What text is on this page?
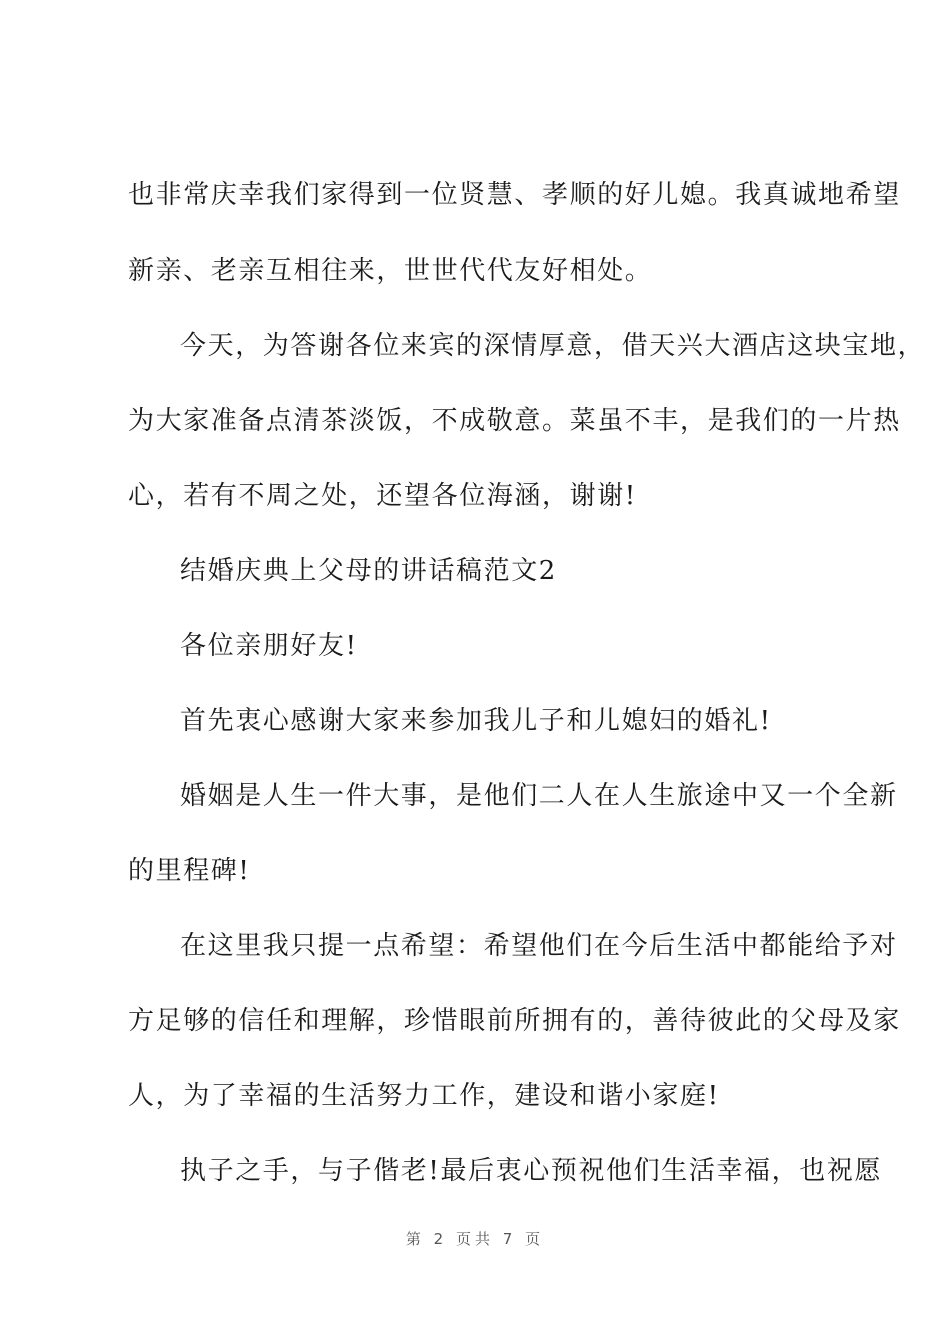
也非常庆幸我们家得到一位贤慧、孝顺的好儿媳。我真诚地希望
新亲、老亲互相往来，世世代代友好相处。
今天，为答谢各位来宾的深情厚意，借天兴大酒店这块宝地，
为大家准备点清茶淡饭，不成敬意。菜虽不丰，是我们的一片热
心，若有不周之处，还望各位海涵，谢谢!
结婚庆典上父母的讲话稿范文2
各位亲朋好友!
首先衷心感谢大家来参加我儿子和儿媳妇的婚礼!
婚姻是人生一件大事，是他们二人在人生旅途中又一个全新
的里程碑!
在这里我只提一点希望：希望他们在今后生活中都能给予对
方足够的信任和理解，珍惜眼前所拥有的，善待彼此的父母及家
人，为了幸福的生活努力工作，建设和谐小家庭!
执子之手，与子偕老!最后衷心预祝他们生活幸福，也祝愿
第 2 页共 7 页
